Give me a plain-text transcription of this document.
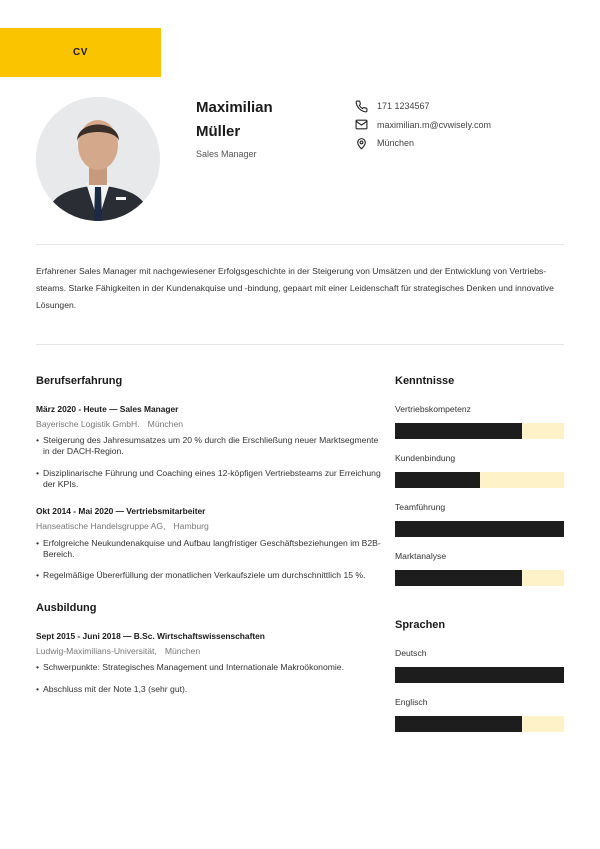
CV
Maximilian
Müller
Sales Manager
171 1234567
maximilian.m@cvwisely.com
München
Erfahrener Sales Manager mit nachgewiesener Erfolgsgeschichte in der Steigerung von Umsätzen und der Entwicklung von Vertriebs-steams. Starke Fähigkeiten in der Kundenakquise und -bindung, gepaart mit einer Leidenschaft für strategisches Denken und innovative Lösungen.
Berufserfahrung
März 2020 - Heute — Sales Manager
Bayerische Logistik GmbH. München
• Steigerung des Jahresumsatzes um 20 % durch die Erschließung neuer Marktsegmente in der DACH-Region.
• Disziplinarische Führung und Coaching eines 12-köpfigen Vertriebsteams zur Erreichung der KPIs.
Okt 2014 - Mai 2020 — Vertriebsmitarbeiter
Hanseatische Handelsgruppe AG, Hamburg
• Erfolgreiche Neukundenakquise und Aufbau langfristiger Geschäftsbeziehungen im B2B-Bereich.
• Regelmäßige Übererfüllung der monatlichen Verkaufsziele um durchschnittlich 15 %.
Ausbildung
Sept 2015 - Juni 2018 — B.Sc. Wirtschaftswissenschaften
Ludwig-Maximilians-Universität, München
• Schwerpunkte: Strategisches Management und Internationale Makroökonomie.
• Abschluss mit der Note 1,3 (sehr gut).
Kenntnisse
Vertriebskompetenz
Kundenbindung
Teamführung
Marktanalyse
Sprachen
Deutsch
Englisch
